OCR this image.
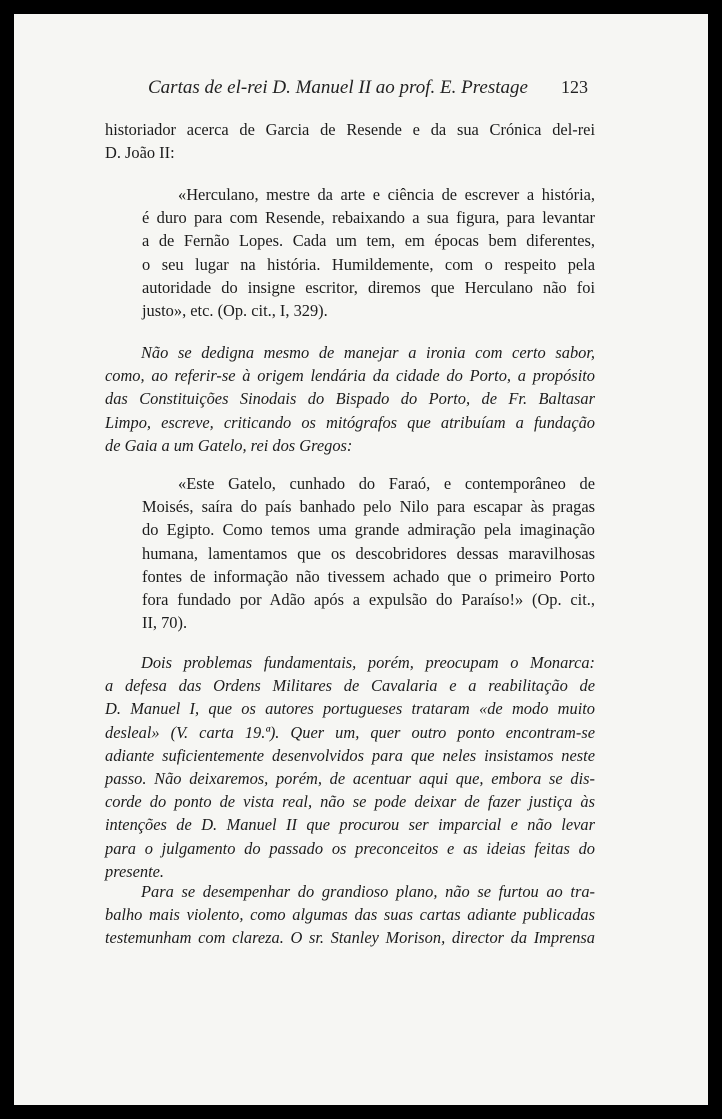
Cartas de el-rei D. Manuel II ao prof. E. Prestage 123
historiador acerca de Garcia de Resende e da sua Crónica del-rei
D. João II:
«Herculano, mestre da arte e ciência de escrever a história,
é duro para com Resende, rebaixando a sua figura, para levantar
a de Fernão Lopes. Cada um tem, em épocas bem diferentes,
o seu lugar na história. Humildemente, com o respeito pela
autoridade do insigne escritor, diremos que Herculano não foi
justo», etc. (Op. cit., I, 329).
Não se dedigna mesmo de manejar a ironia com certo sabor,
como, ao referir-se à origem lendária da cidade do Porto, a propósito
das Constituições Sinodais do Bispado do Porto, de Fr. Baltasar
Limpo, escreve, criticando os mitógrafos que atribuíam a fundação
de Gaia a um Gatelo, rei dos Gregos:
«Este Gatelo, cunhado do Faraó, e contemporâneo de
Moisés, saíra do país banhado pelo Nilo para escapar às pragas
do Egipto. Como temos uma grande admiração pela imaginação
humana, lamentamos que os descobridores dessas maravilhosas
fontes de informação não tivessem achado que o primeiro Porto
fora fundado por Adão após a expulsão do Paraíso!» (Op. cit.,
II, 70).
Dois problemas fundamentais, porém, preocupam o Monarca:
a defesa das Ordens Militares de Cavalaria e a reabilitação de
D. Manuel I, que os autores portugueses trataram «de modo muito
desleal» (V. carta 19.ª). Quer um, quer outro ponto encontram-se
adiante suficientemente desenvolvidos para que neles insistamos neste
passo. Não deixaremos, porém, de acentuar aqui que, embora se dis-
corde do ponto de vista real, não se pode deixar de fazer justiça às
intenções de D. Manuel II que procurou ser imparcial e não levar
para o julgamento do passado os preconceitos e as ideias feitas do
presente.
Para se desempenhar do grandioso plano, não se furtou ao tra-
balho mais violento, como algumas das suas cartas adiante publicadas
testemunham com clareza. O sr. Stanley Morison, director da Imprensa
